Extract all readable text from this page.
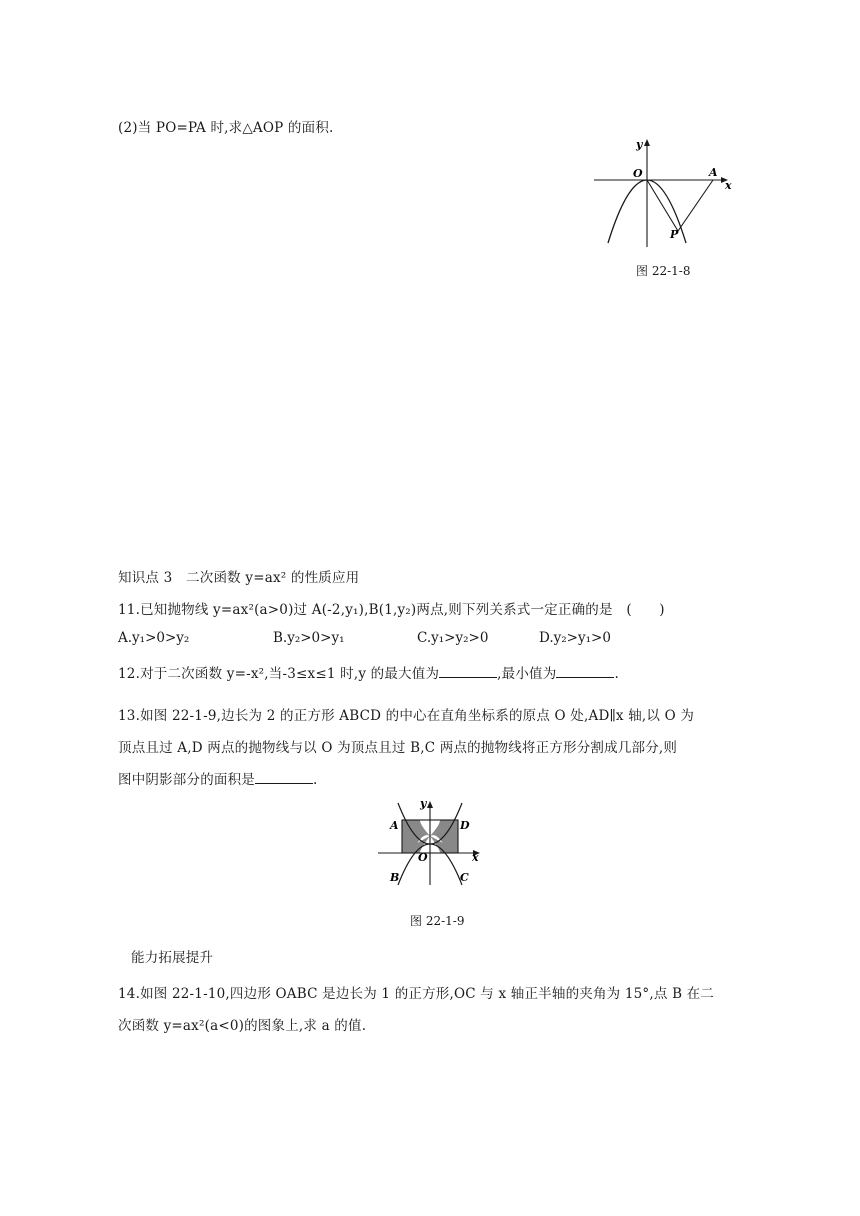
(2)当 PO=PA 时,求△AOP 的面积.
y
O	A
x
P
图 22-1-8
知识点 3　二次函数 y=ax² 的性质应用
11.已知抛物线 y=ax²(a>0)过 A(-2,y₁),B(1,y₂)两点,则下列关系式一定正确的是　(　　)
A.y₁>0>y₂	B.y₂>0>y₁	C.y₁>y₂>0	D.y₂>y₁>0
12.对于二次函数 y=-x²,当-3≤x≤1 时,y 的最大值为	,最小值为	.
13.如图 22-1-9,边长为 2 的正方形 ABCD 的中心在直角坐标系的原点 O 处,AD∥x 轴,以 O 为
顶点且过 A,D 两点的抛物线与以 O 为顶点且过 B,C 两点的抛物线将正方形分割成几部分,则
图中阴影部分的面积是	.
y
A	D
O	x
B	C
图 22-1-9
能力拓展提升
14.如图 22-1-10,四边形 OABC 是边长为 1 的正方形,OC 与 x 轴正半轴的夹角为 15°,点 B 在二
次函数 y=ax²(a<0)的图象上,求 a 的值.
